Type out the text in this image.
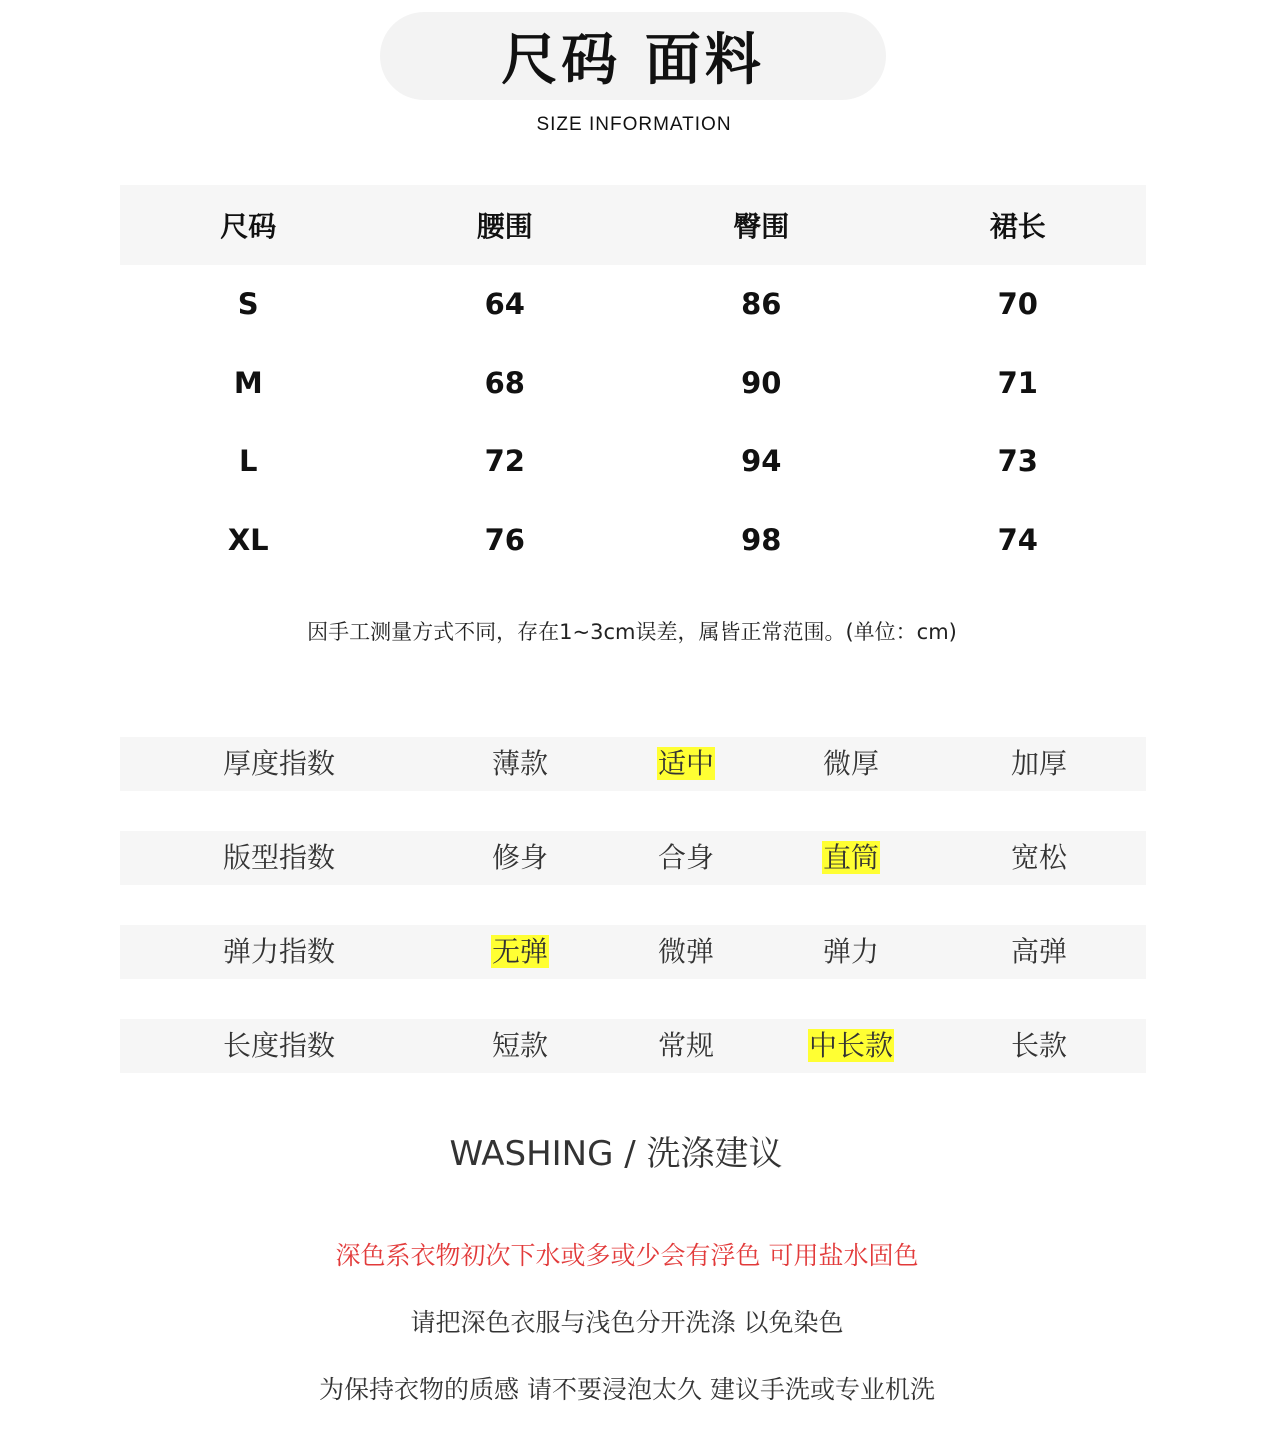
尺码 面料
SIZE INFORMATION
尺码	腰围	臀围	裙长
S	64	86	70
M	68	90	71
L	72	94	73
XL	76	98	74
因手工测量方式不同，存在1~3cm误差，属皆正常范围。(单位：cm)
厚度指数	薄款	适中	微厚	加厚
版型指数	修身	合身	直筒	宽松
弹力指数	无弹	微弹	弹力	高弹
长度指数	短款	常规	中长款	长款
WASHING / 洗涤建议
深色系衣物初次下水或多或少会有浮色 可用盐水固色
请把深色衣服与浅色分开洗涤 以免染色
为保持衣物的质感 请不要浸泡太久 建议手洗或专业机洗
